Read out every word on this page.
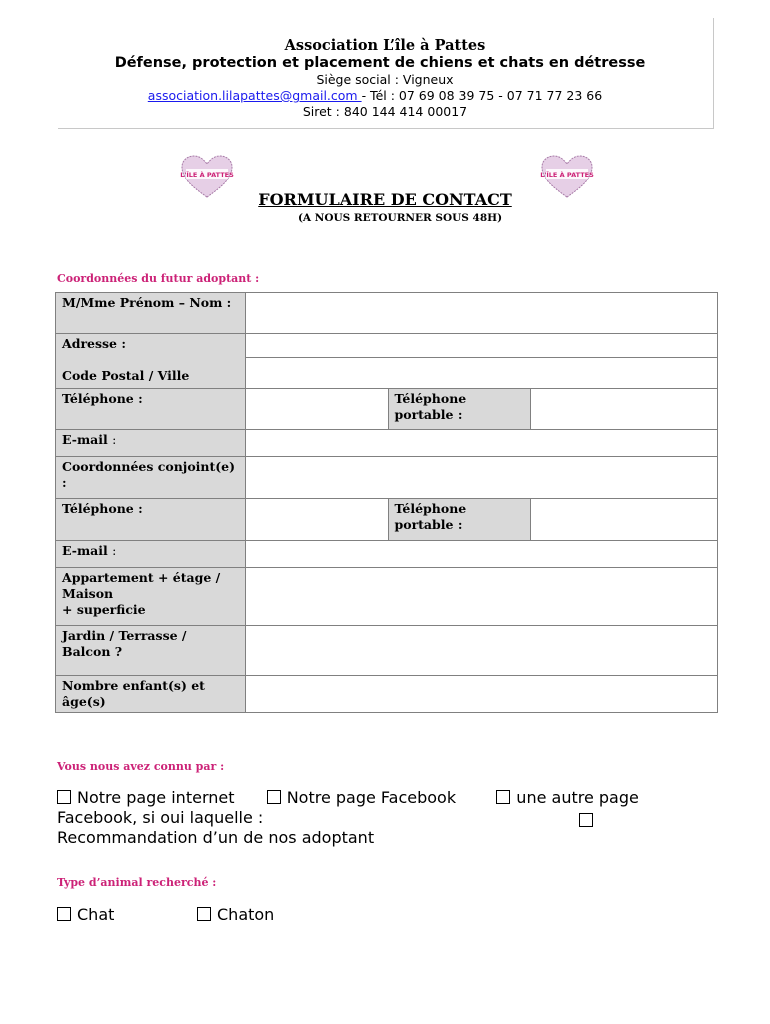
Association L’île à Pattes
Défense, protection et placement de chiens et chats en détresse
Siège social : Vigneux
association.lilapattes@gmail.com - Tél : 07 69 08 39 75 - 07 71 77 23 66
Siret : 840 144 414 00017
L'ÎLE À PATTES	L'ÎLE À PATTES
FORMULAIRE DE CONTACT
(A NOUS RETOURNER SOUS 48H)
Coordonnées du futur adoptant :
M/Mme Prénom – Nom :			

Adresse :
Code Postal / Ville			

Téléphone :		Téléphone portable :	
E-mail :			
Coordonnées conjoint(e) :			
Téléphone :		Téléphone portable :	
E-mail :			

Appartement + étage / Maison
+ superficie			

Jardin / Terrasse / Balcon ?			
Nombre enfant(s) et âge(s)			
Vous nous avez connu par :
Notre page internet	Notre page Facebook	une autre page
Facebook, si oui laquelle :
Recommandation d’un de nos adoptant
Type d’animal recherché :
Chat	Chaton
